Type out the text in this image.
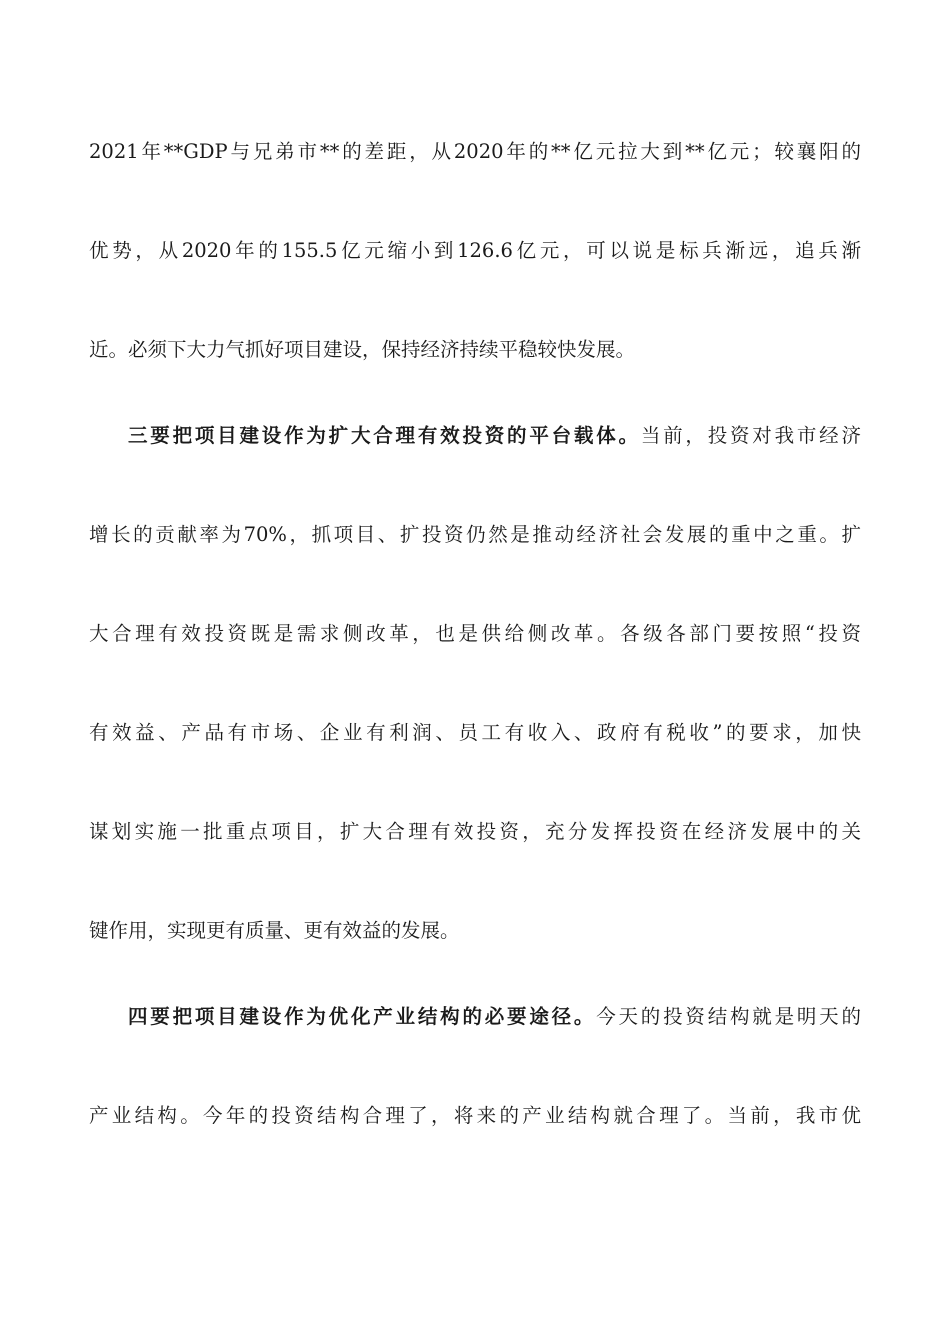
2021年**GDP与兄弟市**的差距，从2020年的**亿元拉大到**亿元；较襄阳的
优势，从2020年的155.5亿元缩小到126.6亿元，可以说是标兵渐远，追兵渐
近。必须下大力气抓好项目建设，保持经济持续平稳较快发展。
三要把项目建设作为扩大合理有效投资的平台载体。当前，投资对我市经济
增长的贡献率为70%，抓项目、扩投资仍然是推动经济社会发展的重中之重。扩
大合理有效投资既是需求侧改革，也是供给侧改革。各级各部门要按照“投资
有效益、产品有市场、企业有利润、员工有收入、政府有税收”的要求，加快
谋划实施一批重点项目，扩大合理有效投资，充分发挥投资在经济发展中的关
键作用，实现更有质量、更有效益的发展。
四要把项目建设作为优化产业结构的必要途径。今天的投资结构就是明天的
产业结构。今年的投资结构合理了，将来的产业结构就合理了。当前，我市优
